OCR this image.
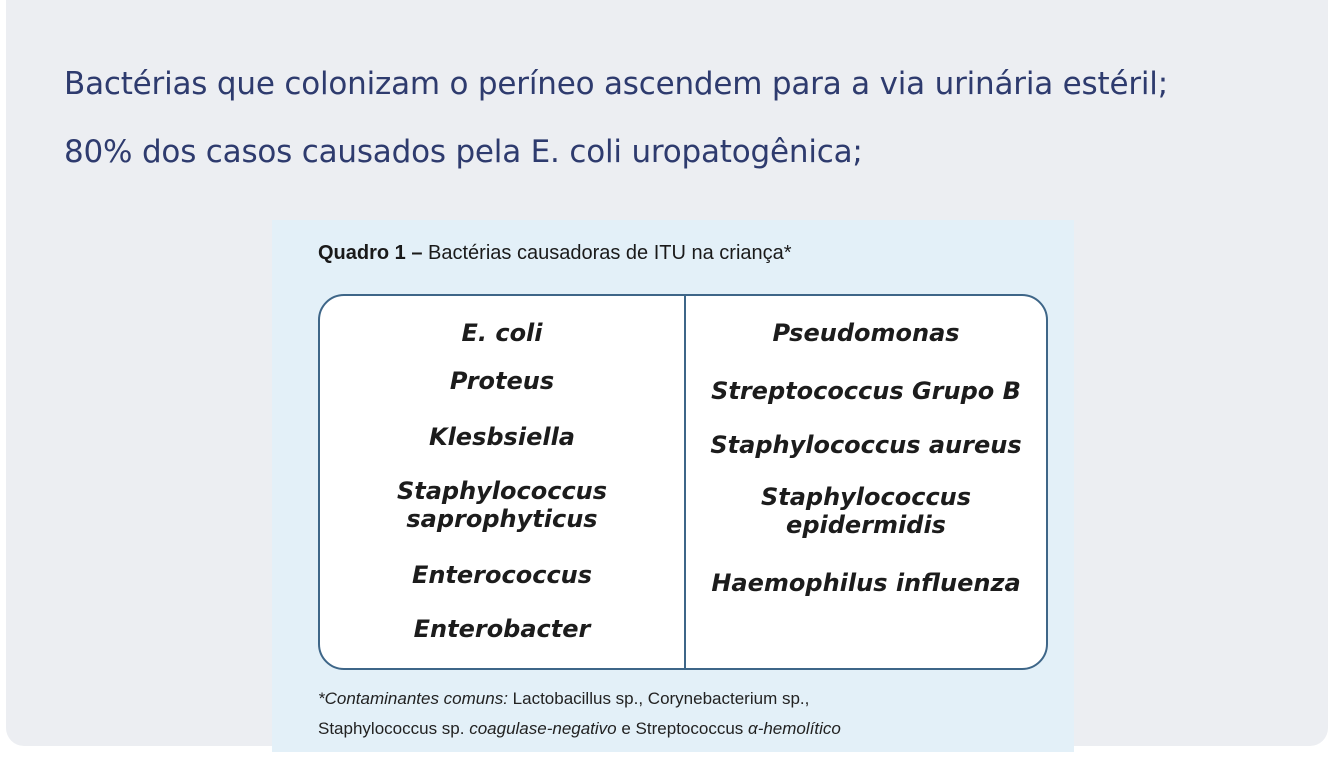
Bactérias que colonizam o períneo ascendem para a via urinária estéril;
80% dos casos causados pela E. coli uropatogênica;
Quadro 1 – Bactérias causadoras de ITU na criança*
E. coli
Proteus
Klesbsiella
Staphylococcus
saprophyticus
Enterococcus
Enterobacter
Pseudomonas
Streptococcus Grupo B
Staphylococcus aureus
Staphylococcus
epidermidis
Haemophilus influenza
*Contaminantes comuns: Lactobacillus sp., Corynebacterium sp.,
Staphylococcus sp. coagulase-negativo e Streptococcus α-hemolítico
